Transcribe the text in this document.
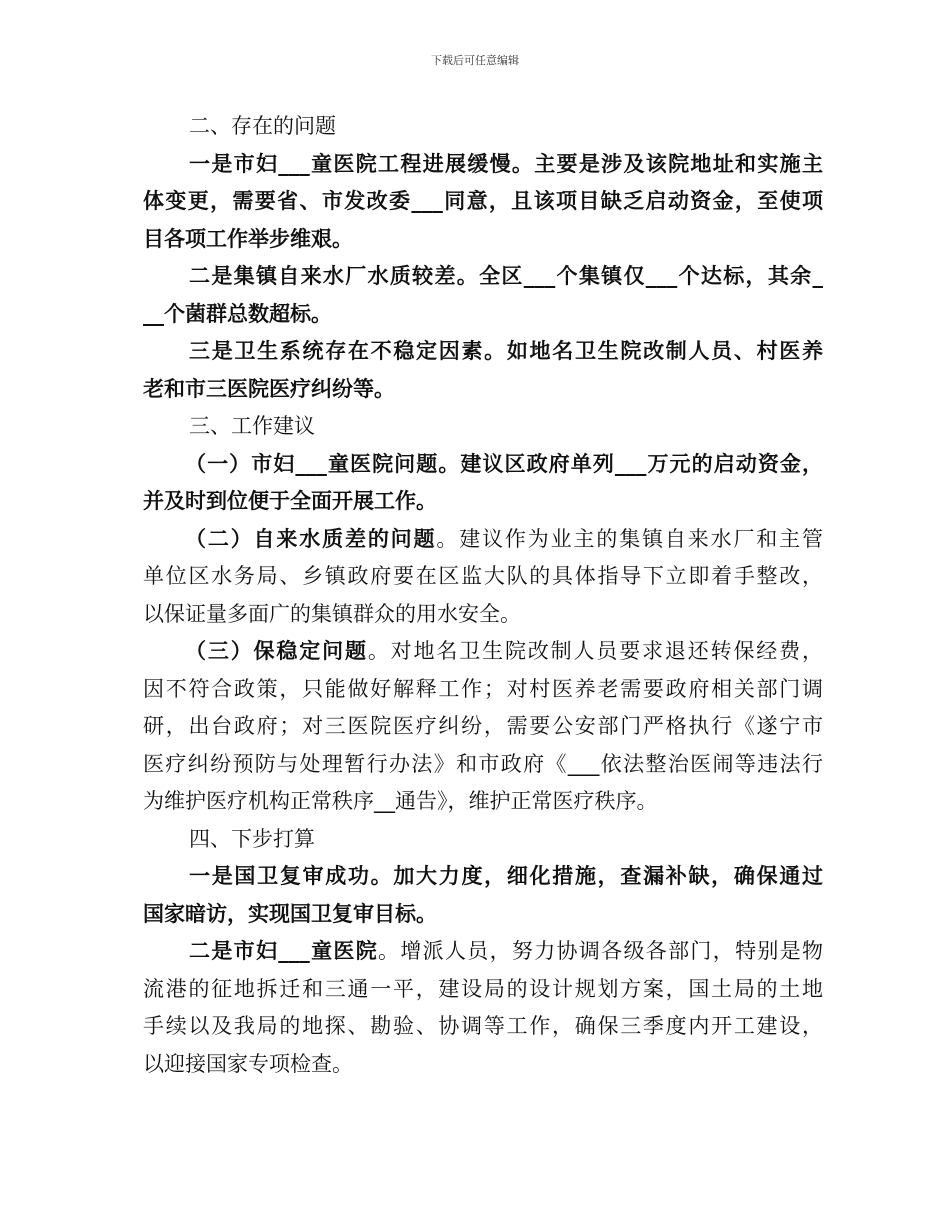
下载后可任意编辑
二、存在的问题
一是市妇___童医院工程进展缓慢。主要是涉及该院地址和实施主
体变更，需要省、市发改委___同意，且该项目缺乏启动资金，至使项
目各项工作举步维艰。
二是集镇自来水厂水质较差。全区___个集镇仅___个达标，其余_
__个菌群总数超标。
三是卫生系统存在不稳定因素。如地名卫生院改制人员、村医养
老和市三医院医疗纠纷等。
三、工作建议
（一）市妇___童医院问题。建议区政府单列___万元的启动资金，
并及时到位便于全面开展工作。
（二）自来水质差的问题。建议作为业主的集镇自来水厂和主管
单位区水务局、乡镇政府要在区监大队的具体指导下立即着手整改，
以保证量多面广的集镇群众的用水安全。
（三）保稳定问题。对地名卫生院改制人员要求退还转保经费，
因不符合政策，只能做好解释工作；对村医养老需要政府相关部门调
研，出台政府；对三医院医疗纠纷，需要公安部门严格执行《遂宁市
医疗纠纷预防与处理暂行办法》和市政府《___依法整治医闹等违法行
为维护医疗机构正常秩序__通告》，维护正常医疗秩序。
四、下步打算
一是国卫复审成功。加大力度，细化措施，查漏补缺，确保通过
国家暗访，实现国卫复审目标。
二是市妇___童医院。增派人员，努力协调各级各部门，特别是物
流港的征地拆迁和三通一平，建设局的设计规划方案，国土局的土地
手续以及我局的地探、勘验、协调等工作，确保三季度内开工建设，
以迎接国家专项检查。
